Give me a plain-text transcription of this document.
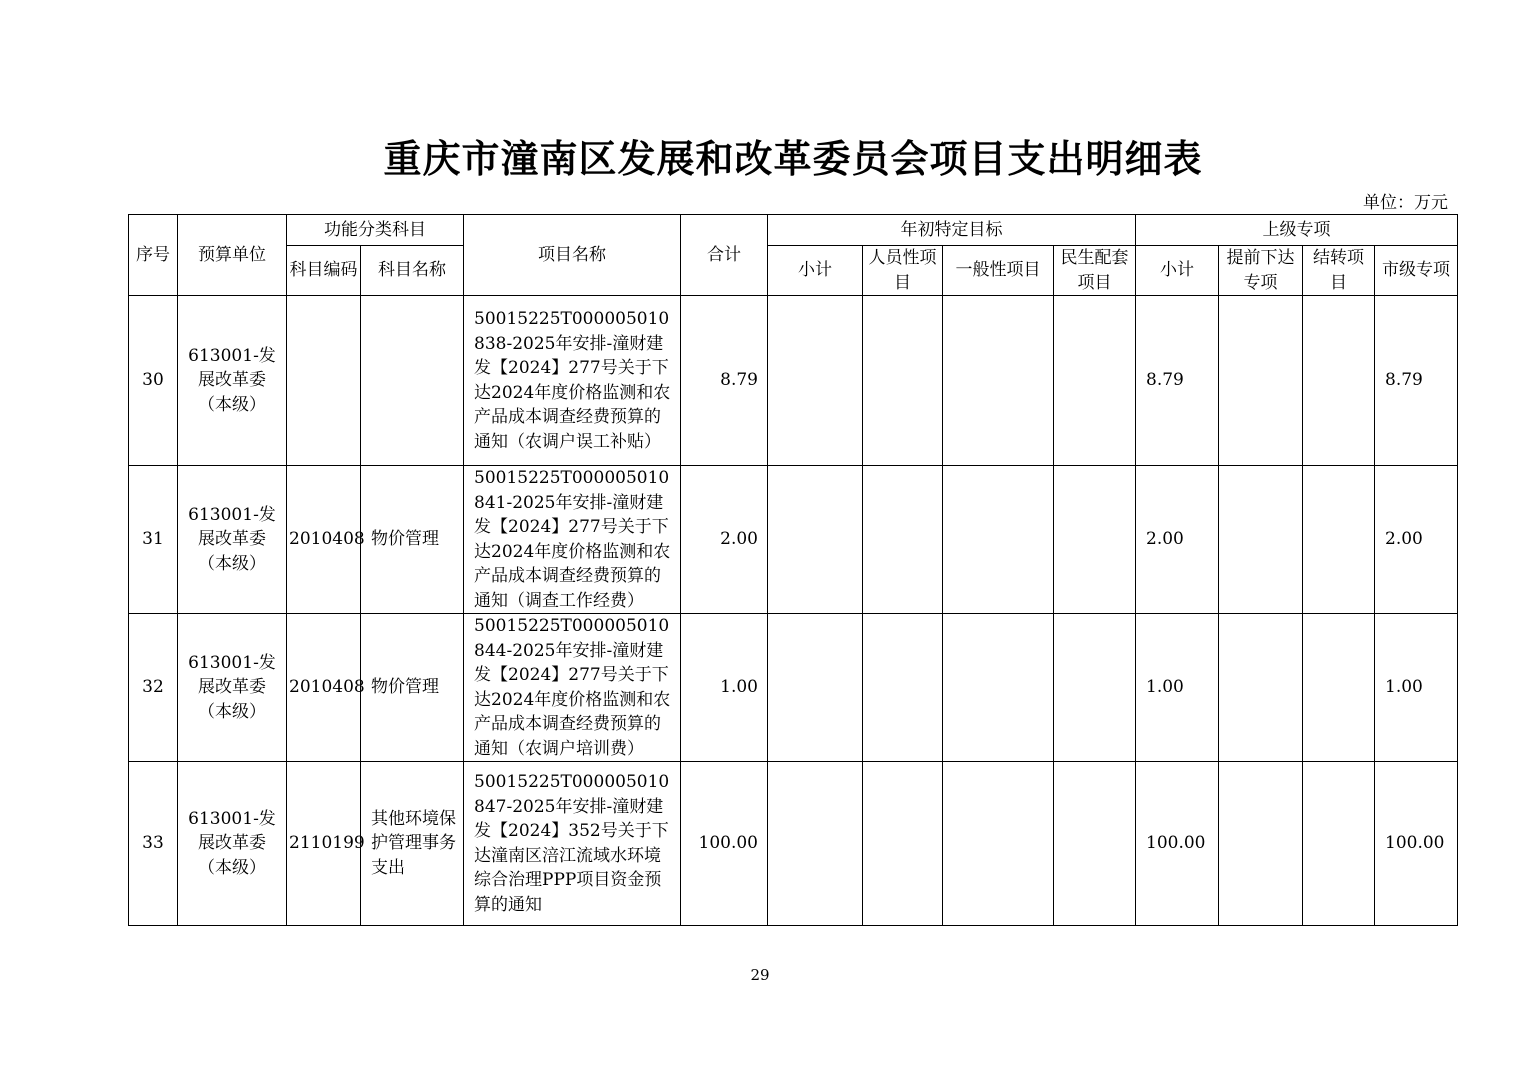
重庆市潼南区发展和改革委员会项目支出明细表
单位：万元
序号	预算单位	功能分类科目		项目名称	合计	年初特定目标				上级专项			
		科目编码	科目名称			小计	人员性项目	一般性项目	民生配套项目	小计	提前下达专项	结转项目	市级专项
30	613001-发展改革委（本级）			50015225T000005010838-2025年安排-潼财建发【2024】277号关于下达2024年度价格监测和农产品成本调查经费预算的通知（农调户误工补贴）	8.79					8.79			8.79
31	613001-发展改革委（本级）	2010408	物价管理	50015225T000005010841-2025年安排-潼财建发【2024】277号关于下达2024年度价格监测和农产品成本调查经费预算的通知（调查工作经费）	2.00					2.00			2.00
32	613001-发展改革委（本级）	2010408	物价管理	50015225T000005010844-2025年安排-潼财建发【2024】277号关于下达2024年度价格监测和农产品成本调查经费预算的通知（农调户培训费）	1.00					1.00			1.00
33	613001-发展改革委（本级）	2110199	其他环境保护管理事务支出	50015225T000005010847-2025年安排-潼财建发【2024】352号关于下达潼南区涪江流域水环境综合治理PPP项目资金预算的通知	100.00					100.00			100.00
29
